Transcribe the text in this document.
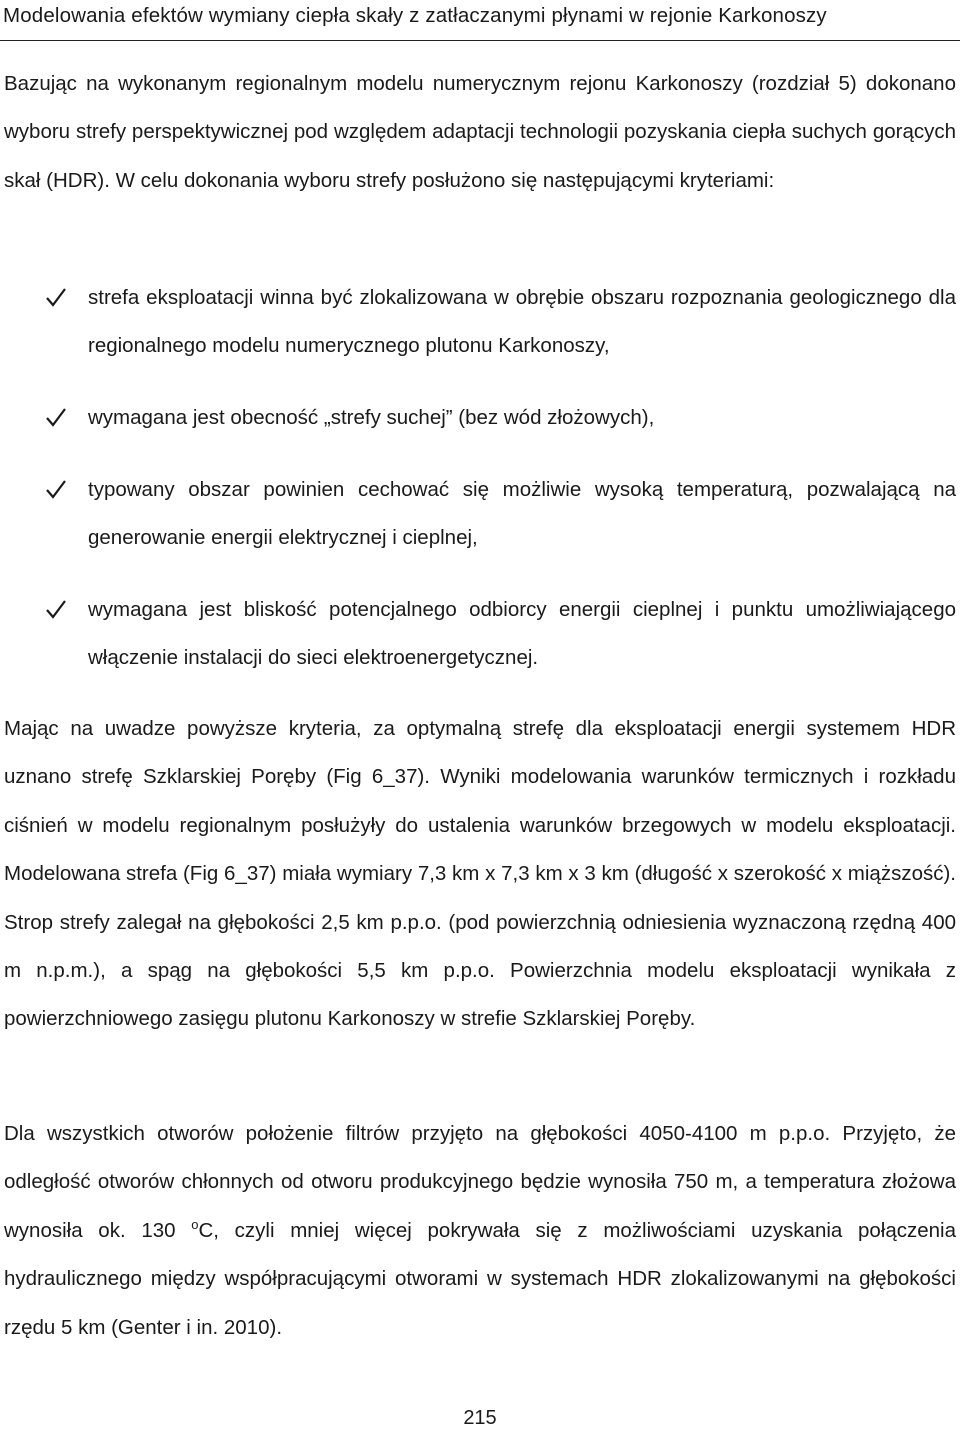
Modelowania efektów wymiany ciepła skały z zatłaczanymi płynami w rejonie Karkonoszy
Bazując na wykonanym regionalnym modelu numerycznym rejonu Karkonoszy (rozdział 5) dokonano wyboru strefy perspektywicznej pod względem adaptacji technologii pozyskania ciepła suchych gorących skał (HDR). W celu dokonania wyboru strefy posłużono się następującymi kryteriami:
strefa eksploatacji winna być zlokalizowana w obrębie obszaru rozpoznania geologicznego dla regionalnego modelu numerycznego plutonu Karkonoszy,
wymagana jest obecność „strefy suchej” (bez wód złożowych),
typowany obszar powinien cechować się możliwie wysoką temperaturą, pozwalającą na generowanie energii elektrycznej i cieplnej,
wymagana jest bliskość potencjalnego odbiorcy energii cieplnej i punktu umożliwiającego włączenie instalacji do sieci elektroenergetycznej.
Mając na uwadze powyższe kryteria, za optymalną strefę dla eksploatacji energii systemem HDR uznano strefę Szklarskiej Poręby (Fig 6_37). Wyniki modelowania warunków termicznych i rozkładu ciśnień w modelu regionalnym posłużyły do ustalenia warunków brzegowych w modelu eksploatacji. Modelowana strefa (Fig 6_37) miała wymiary 7,3 km x 7,3 km x 3 km (długość x szerokość x miąższość). Strop strefy zalegał na głębokości 2,5 km p.p.o. (pod powierzchnią odniesienia wyznaczoną rzędną 400 m n.p.m.), a spąg na głębokości 5,5 km p.p.o. Powierzchnia modelu eksploatacji wynikała z powierzchniowego zasięgu plutonu Karkonoszy w strefie Szklarskiej Poręby.
Dla wszystkich otworów położenie filtrów przyjęto na głębokości 4050-4100 m p.p.o. Przyjęto, że odległość otworów chłonnych od otworu produkcyjnego będzie wynosiła 750 m, a temperatura złożowa wynosiła ok. 130 $^o$C, czyli mniej więcej pokrywała się z możliwościami uzyskania połączenia hydraulicznego między współpracującymi otworami w systemach HDR zlokalizowanymi na głębokości rzędu 5 km (Genter i in. 2010).
215
